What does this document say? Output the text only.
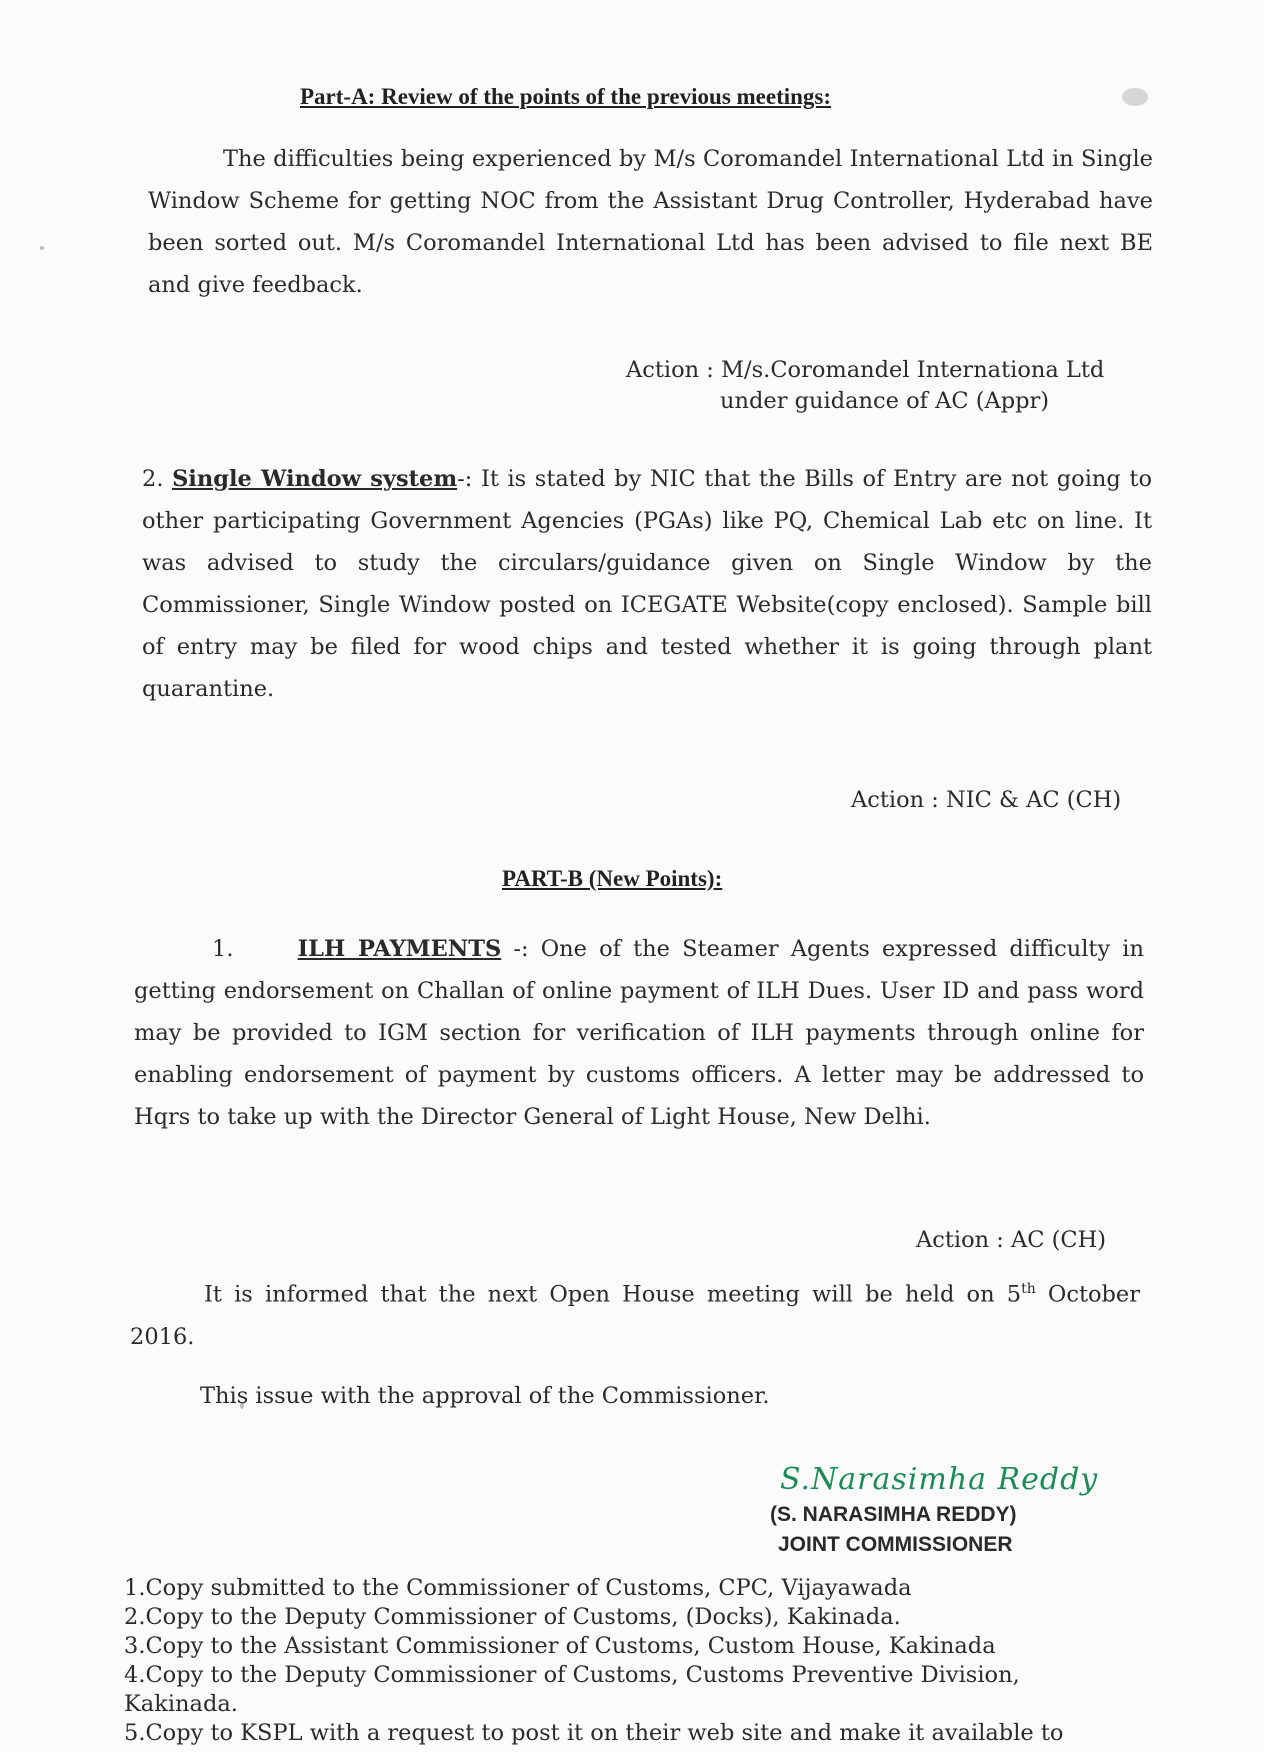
Part-A: Review of the points of the previous meetings:

The difficulties being experienced by M/s Coromandel International Ltd in Single Window Scheme for getting NOC from the Assistant Drug Controller, Hyderabad have been sorted out. M/s Coromandel International Ltd has been advised to file next BE and give feedback.

Action : M/s.Coromandel Internationa Ltd
under guidance of AC (Appr)

2. Single Window system-: It is stated by NIC that the Bills of Entry are not going to other participating Government Agencies (PGAs) like PQ, Chemical Lab etc on line. It was advised to study the circulars/guidance given on Single Window by the Commissioner, Single Window posted on ICEGATE Website(copy enclosed). Sample bill of entry may be filed for wood chips and tested whether it is going through plant quarantine.

Action : NIC & AC (CH)
PART-B (New Points):

1.	ILH PAYMENTS -: One of the Steamer Agents expressed difficulty in getting endorsement on Challan of online payment of ILH Dues. User ID and pass word may be provided to IGM section for verification of ILH payments through online for enabling endorsement of payment by customs officers. A letter may be addressed to Hqrs to take up with the Director General of Light House, New Delhi.

Action : AC (CH)

It is informed that the next Open House meeting will be held on 5th October 2016.

This issue with the approval of the Commissioner.
S.Narasimha Reddy
(S. NARASIMHA REDDY)
JOINT COMMISSIONER
1.Copy submitted to the Commissioner of Customs, CPC, Vijayawada
2.Copy to the Deputy Commissioner of Customs, (Docks), Kakinada.
3.Copy to the Assistant Commissioner of Customs, Custom House, Kakinada
4.Copy to the Deputy Commissioner of Customs, Customs Preventive Division,
Kakinada.
5.Copy to KSPL with a request to post it on their web site and make it available to
